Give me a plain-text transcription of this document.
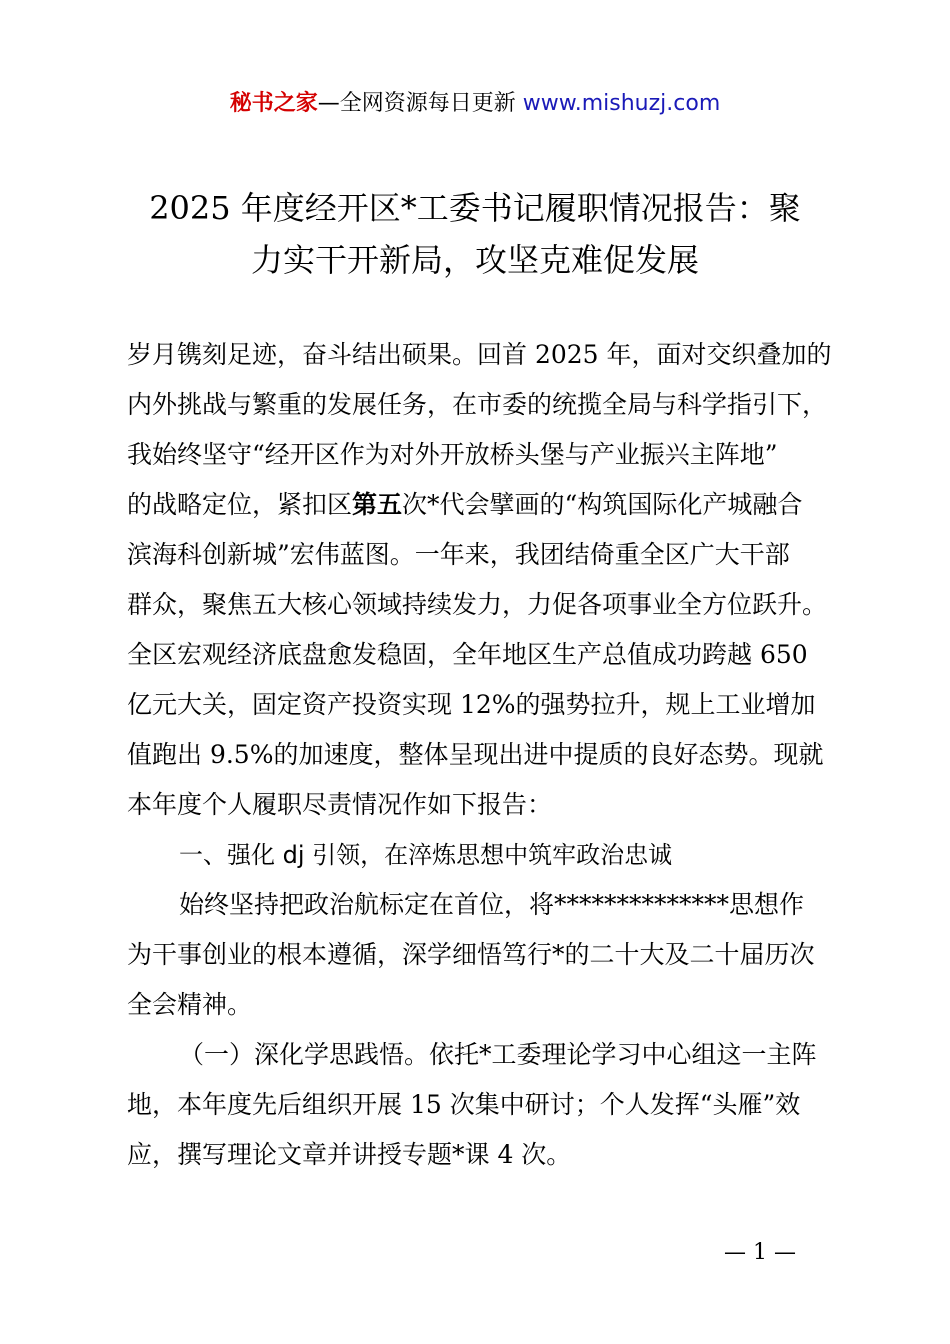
秘书之家—全网资源每日更新 www.mishuzj.com
2025 年度经开区*工委书记履职情况报告：聚
力实干开新局，攻坚克难促发展
岁月镌刻足迹，奋斗结出硕果。回首 2025 年，面对交织叠加的
内外挑战与繁重的发展任务，在市委的统揽全局与科学指引下，
我始终坚守“经开区作为对外开放桥头堡与产业振兴主阵地”
的战略定位，紧扣区第五次*代会擘画的“构筑国际化产城融合
滨海科创新城”宏伟蓝图。一年来，我团结倚重全区广大干部
群众，聚焦五大核心领域持续发力，力促各项事业全方位跃升。
全区宏观经济底盘愈发稳固，全年地区生产总值成功跨越 650
亿元大关，固定资产投资实现 12%的强势拉升，规上工业增加
值跑出 9.5%的加速度，整体呈现出进中提质的良好态势。现就
本年度个人履职尽责情况作如下报告：
一、强化 dj 引领，在淬炼思想中筑牢政治忠诚
始终坚持把政治航标定在首位，将**************思想作
为干事创业的根本遵循，深学细悟笃行*的二十大及二十届历次
全会精神。
（一）深化学思践悟。依托*工委理论学习中心组这一主阵
地，本年度先后组织开展 15 次集中研讨；个人发挥“头雁”效
应，撰写理论文章并讲授专题*课 4 次。
— 1 —
